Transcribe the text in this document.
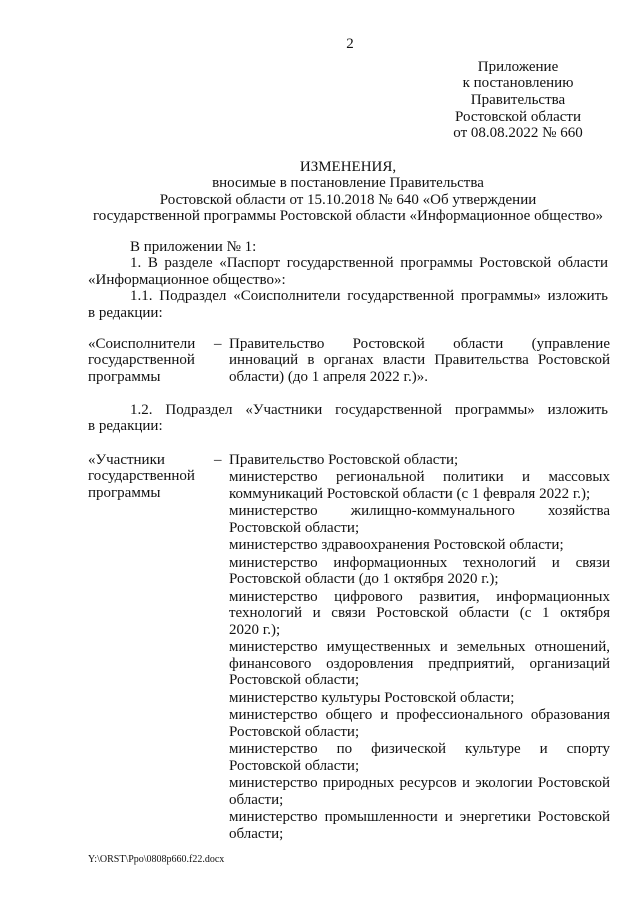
2
Приложение
к постановлению
Правительства
Ростовской области
от 08.08.2022 № 660
ИЗМЕНЕНИЯ,
вносимые в постановление Правительства
Ростовской области от 15.10.2018 № 640 «Об утверждении
государственной программы Ростовской области «Информационное общество»
В приложении № 1:
1. В разделе «Паспорт государственной программы Ростовской области
«Информационное общество»:
1.1. Подраздел «Соисполнители государственной программы» изложить
в редакции:
«Соисполнители
государственной
программы
– Правительство Ростовской области (управление
инноваций в органах власти Правительства Ростовской
области) (до 1 апреля 2022 г.)».
1.2. Подраздел «Участники государственной программы» изложить
в редакции:
«Участники
государственной
программы
– Правительство Ростовской области;
министерство региональной политики и массовых
коммуникаций Ростовской области (с 1 февраля 2022 г.);
министерство жилищно-коммунального хозяйства
Ростовской области;
министерство здравоохранения Ростовской области;
министерство информационных технологий и связи
Ростовской области (до 1 октября 2020 г.);
министерство цифрового развития, информационных
технологий и связи Ростовской области (с 1 октября
2020 г.);
министерство имущественных и земельных отношений,
финансового оздоровления предприятий, организаций
Ростовской области;
министерство культуры Ростовской области;
министерство общего и профессионального образования
Ростовской области;
министерство по физической культуре и спорту
Ростовской области;
министерство природных ресурсов и экологии Ростовской
области;
министерство промышленности и энергетики Ростовской
области;
Y:\ORST\Ppo\0808p660.f22.docx
